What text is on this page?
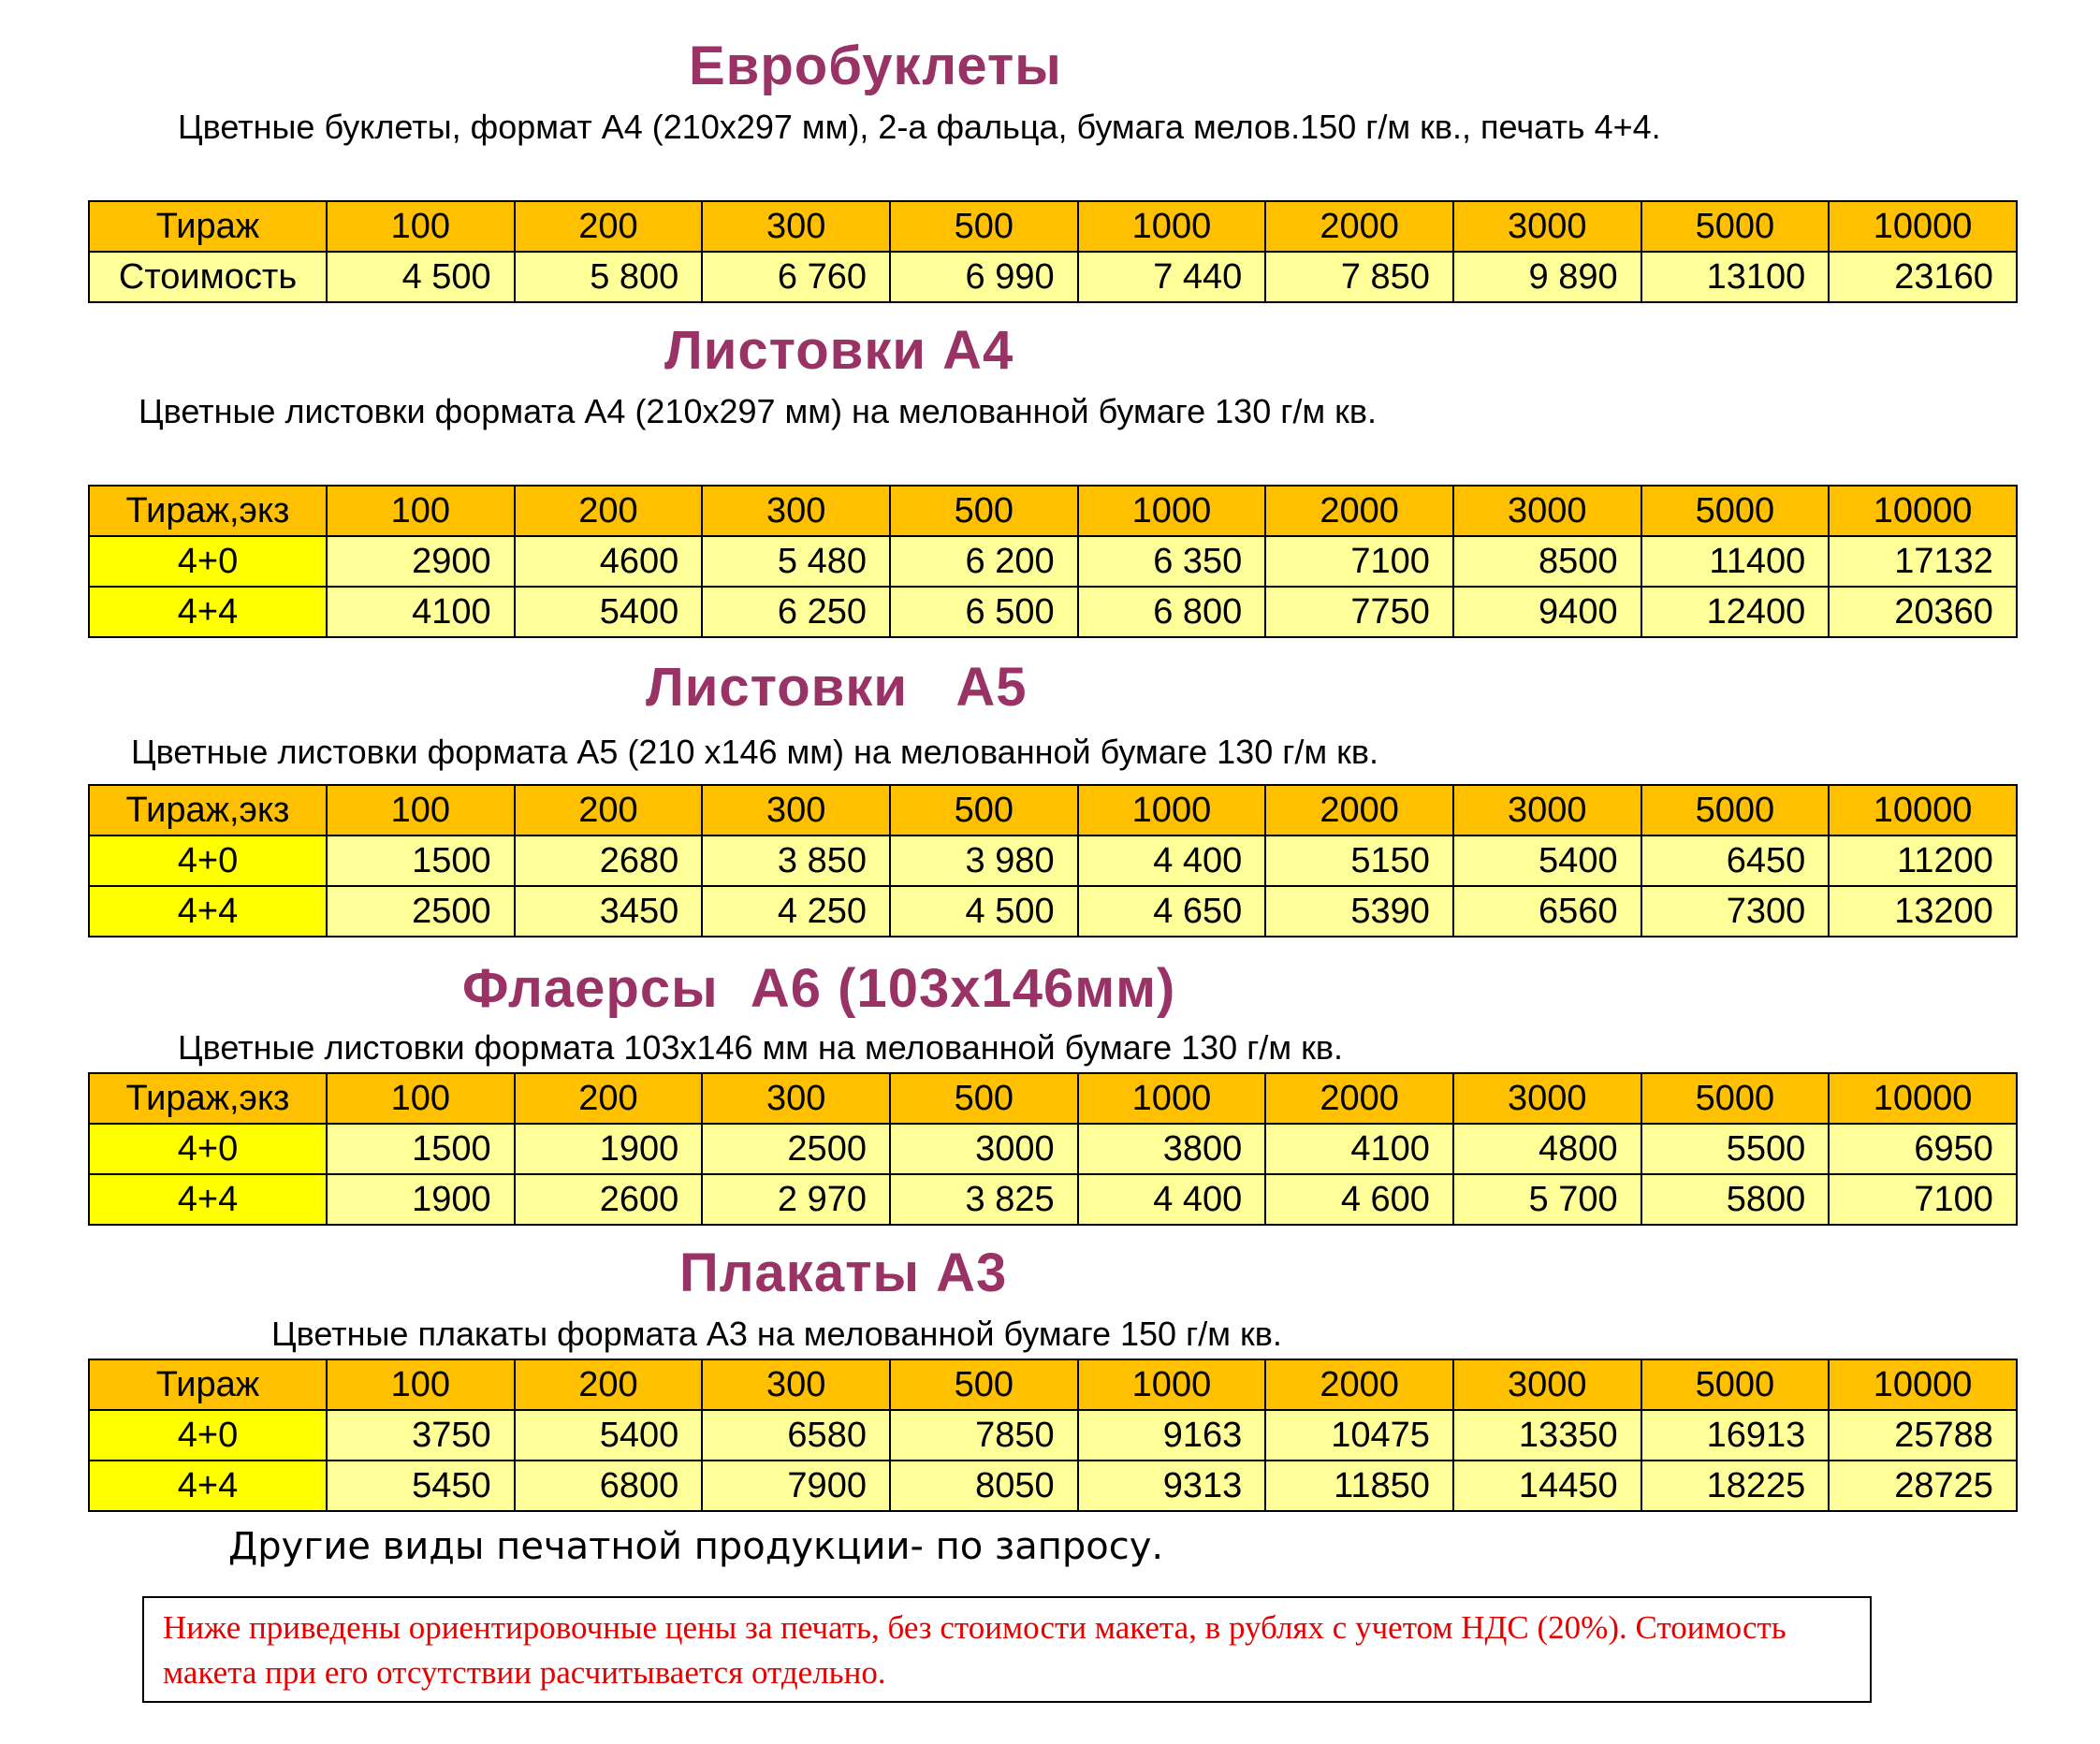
Евробуклеты

Цветные буклеты, формат А4 (210х297 мм), 2-а фальца, бумага мелов.150 г/м кв., печать 4+4.

Тираж	100	200	300	500	1000	2000	3000	5000	10000
Стоимость	4 500	5 800	6 760	6 990	7 440	7 850	9 890	13100	23160
Листовки А4

Цветные листовки формата А4 (210х297 мм) на мелованной бумаге 130 г/м кв.

Тираж,экз	100	200	300	500	1000	2000	3000	5000	10000
4+0	2900	4600	5 480	6 200	6 350	7100	8500	11400	17132
4+4	4100	5400	6 250	6 500	6 800	7750	9400	12400	20360
Листовки   А5

Цветные листовки формата А5 (210 х146 мм) на мелованной бумаге 130 г/м кв.

Тираж,экз	100	200	300	500	1000	2000	3000	5000	10000
4+0	1500	2680	3 850	3 980	4 400	5150	5400	6450	11200
4+4	2500	3450	4 250	4 500	4 650	5390	6560	7300	13200
Флаерсы  А6 (103х146мм)

Цветные листовки формата 103х146 мм на мелованной бумаге 130 г/м кв.

Тираж,экз	100	200	300	500	1000	2000	3000	5000	10000
4+0	1500	1900	2500	3000	3800	4100	4800	5500	6950
4+4	1900	2600	2 970	3 825	4 400	4 600	5 700	5800	7100
Плакаты А3

Цветные плакаты формата А3 на мелованной бумаге 150 г/м кв.

Тираж	100	200	300	500	1000	2000	3000	5000	10000
4+0	3750	5400	6580	7850	9163	10475	13350	16913	25788
4+4	5450	6800	7900	8050	9313	11850	14450	18225	28725

Другие виды печатной продукции- по запросу.

Ниже приведены ориентировочные цены за печать, без стоимости макета, в рублях с учетом НДС (20%). Стоимость макета при его отсутствии расчитывается отдельно.
